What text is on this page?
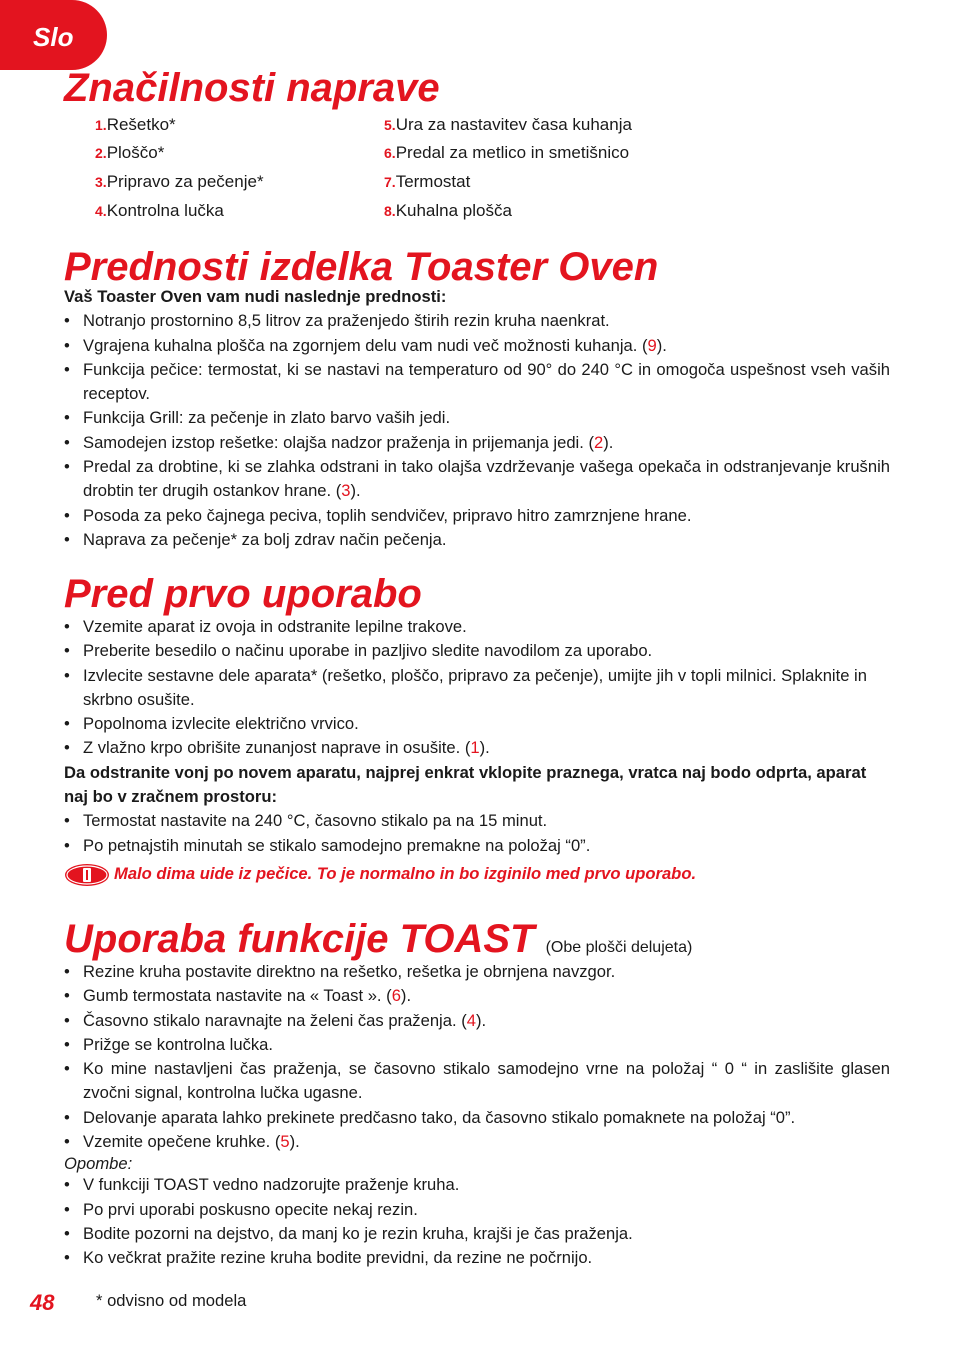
Slo
Značilnosti naprave
1.Rešetko*
2.Ploščo*
3.Pripravo za pečenje*
4.Kontrolna lučka
5.Ura za nastavitev časa kuhanja
6.Predal za metlico in smetišnico
7.Termostat
8.Kuhalna plošča
Prednosti izdelka Toaster Oven

Vaš Toaster Oven vam nudi naslednje prednosti:

• Notranjo prostornino 8,5 litrov za praženjedo štirih rezin kruha naenkrat.
• Vgrajena kuhalna plošča na zgornjem delu vam nudi več možnosti kuhanja. (9).
• Funkcija pečice: termostat, ki se nastavi na temperaturo od 90° do 240 °C in omogoča uspešnost vseh vaših receptov.
• Funkcija Grill: za pečenje in zlato barvo vaših jedi.
• Samodejen izstop rešetke: olajša nadzor praženja in prijemanja jedi. (2).
• Predal za drobtine, ki se zlahka odstrani in tako olajša vzdrževanje vašega opekača in odstranjevanje krušnih drobtin ter drugih ostankov hrane. (3).
• Posoda za peko čajnega peciva, toplih sendvičev, pripravo hitro zamrznjene hrane.
• Naprava za pečenje* za bolj zdrav način pečenja.
Pred prvo uporabo
• Vzemite aparat iz ovoja in odstranite lepilne trakove.
• Preberite besedilo o načinu uporabe in pazljivo sledite navodilom za uporabo.
• Izvlecite sestavne dele aparata* (rešetko, ploščo, pripravo za pečenje), umijte jih v topli milnici. Splaknite in skrbno osušite.
• Popolnoma izvlecite električno vrvico.
• Z vlažno krpo obrišite zunanjost naprave in osušite. (1).

Da odstranite vonj po novem aparatu, najprej enkrat vklopite praznega, vratca naj bodo odprta, aparat naj bo v zračnem prostoru:

• Termostat nastavite na 240 °C, časovno stikalo pa na 15 minut.
• Po petnajstih minutah se stikalo samodejno premakne na položaj “0”.
Malo dima uide iz pečice. To je normalno in bo izginilo med prvo uporabo.
Uporaba funkcije TOAST (Obe plošči delujeta)
• Rezine kruha postavite direktno na rešetko, rešetka je obrnjena navzgor.
• Gumb termostata nastavite na « Toast ». (6).
• Časovno stikalo naravnajte na želeni čas praženja. (4).
• Prižge se kontrolna lučka.
• Ko mine nastavljeni čas praženja, se časovno stikalo samodejno vrne na položaj “ 0 “ in zaslišite glasen zvočni signal, kontrolna lučka ugasne.
• Delovanje aparata lahko prekinete predčasno tako, da časovno stikalo pomaknete na položaj “0”.
• Vzemite opečene kruhke. (5).

Opombe:

• V funkciji TOAST vedno nadzorujte praženje kruha.
• Po prvi uporabi poskusno opecite nekaj rezin.
• Bodite pozorni na dejstvo, da manj ko je rezin kruha, krajši je čas praženja.
• Ko večkrat pražite rezine kruha bodite previdni, da rezine ne počrnijo.
48	* odvisno od modela
